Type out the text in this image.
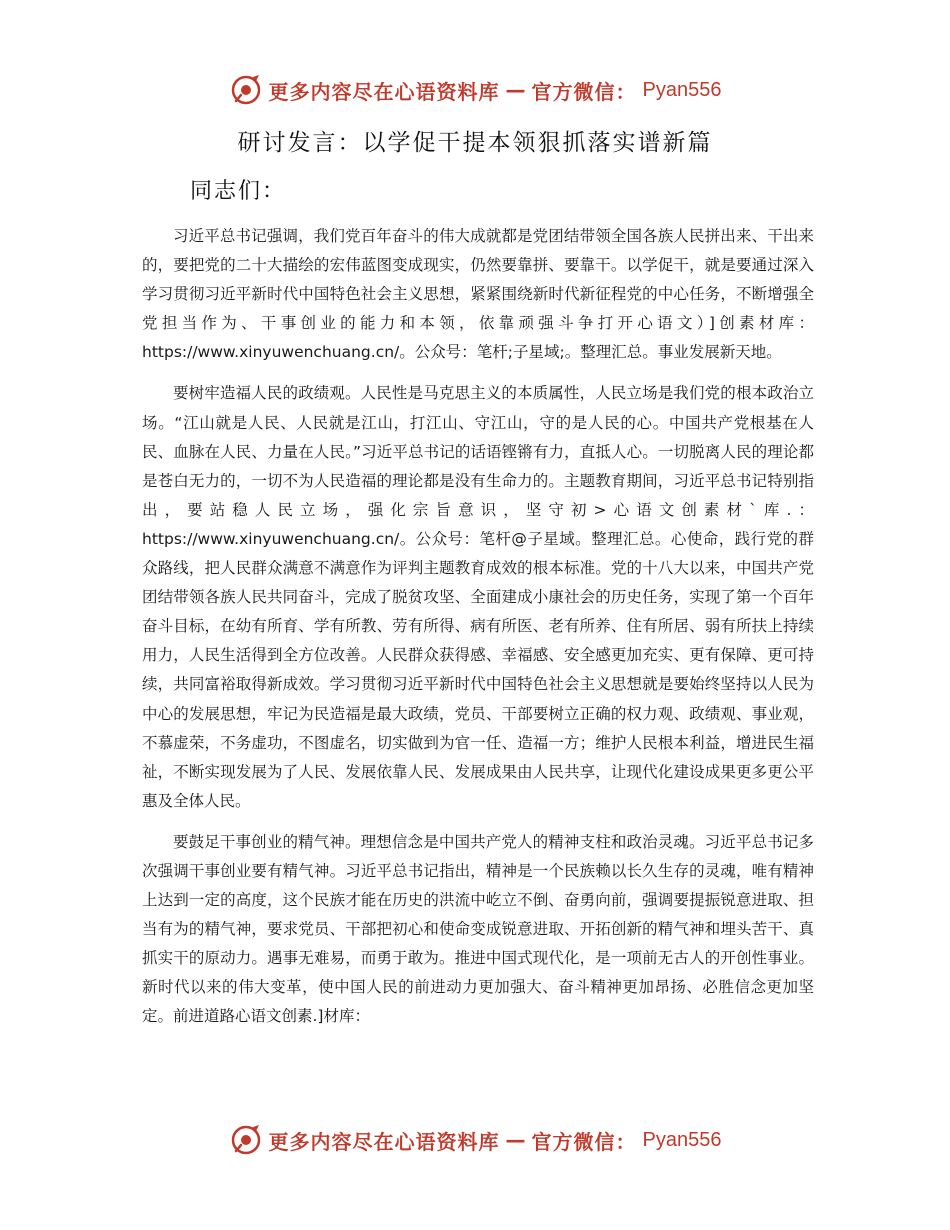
更多内容尽在心语资料库 — 官方微信： Pyan556
研讨发言：以学促干提本领狠抓落实谱新篇
同志们：

习近平总书记强调，我们党百年奋斗的伟大成就都是党团结带领全国各族人民拼出来、干出来的，要把党的二十大描绘的宏伟蓝图变成现实，仍然要靠拼、要靠干。以学促干，就是要通过深入学习贯彻习近平新时代中国特色社会主义思想，紧紧围绕新时代新征程党的中心任务，不断增强全党担当作为、干事创业的能力和本领，依靠顽强斗争打开心语文）]创素材库：https://www.xinyuwenchuang.cn/。公众号：笔杆;子星域;。整理汇总。事业发展新天地。

要树牢造福人民的政绩观。人民性是马克思主义的本质属性，人民立场是我们党的根本政治立场。“江山就是人民、人民就是江山，打江山、守江山，守的是人民的心。中国共产党根基在人民、血脉在人民、力量在人民。”习近平总书记的话语铿锵有力，直抵人心。一切脱离人民的理论都是苍白无力的，一切不为人民造福的理论都是没有生命力的。主题教育期间，习近平总书记特别指出，要站稳人民立场，强化宗旨意识，坚守初>心语文创素材`库.：https://www.xinyuwenchuang.cn/。公众号：笔杆@子星域。整理汇总。心使命，践行党的群众路线，把人民群众满意不满意作为评判主题教育成效的根本标准。党的十八大以来，中国共产党团结带领各族人民共同奋斗，完成了脱贫攻坚、全面建成小康社会的历史任务，实现了第一个百年奋斗目标，在幼有所育、学有所教、劳有所得、病有所医、老有所养、住有所居、弱有所扶上持续用力，人民生活得到全方位改善。人民群众获得感、幸福感、安全感更加充实、更有保障、更可持续，共同富裕取得新成效。学习贯彻习近平新时代中国特色社会主义思想就是要始终坚持以人民为中心的发展思想，牢记为民造福是最大政绩，党员、干部要树立正确的权力观、政绩观、事业观，不慕虚荣，不务虚功，不图虚名，切实做到为官一任、造福一方；维护人民根本利益，增进民生福祉，不断实现发展为了人民、发展依靠人民、发展成果由人民共享，让现代化建设成果更多更公平惠及全体人民。

要鼓足干事创业的精气神。理想信念是中国共产党人的精神支柱和政治灵魂。习近平总书记多次强调干事创业要有精气神。习近平总书记指出，精神是一个民族赖以长久生存的灵魂，唯有精神上达到一定的高度，这个民族才能在历史的洪流中屹立不倒、奋勇向前，强调要提振锐意进取、担当有为的精气神，要求党员、干部把初心和使命变成锐意进取、开拓创新的精气神和埋头苦干、真抓实干的原动力。遇事无难易，而勇于敢为。推进中国式现代化，是一项前无古人的开创性事业。新时代以来的伟大变革，使中国人民的前进动力更加强大、奋斗精神更加昂扬、必胜信念更加坚定。前进道路心语文创素.]材库：

更多内容尽在心语资料库 — 官方微信： Pyan556
